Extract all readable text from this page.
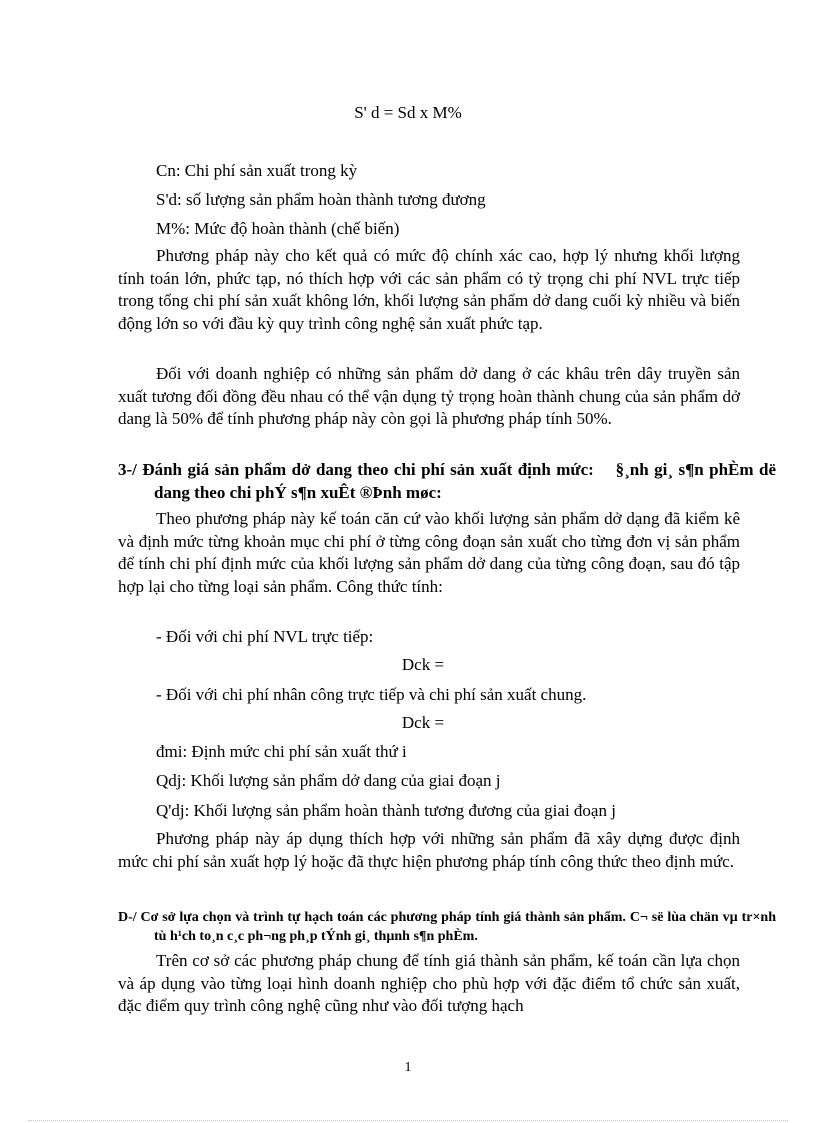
S' d = Sd x M%

Cn: Chi phí sản xuất trong kỳ

S'd: số lượng sản phẩm hoàn thành tương đương

M%: Mức độ hoàn thành (chế biến)

Phương pháp này cho kết quả có mức độ chính xác cao, hợp lý nhưng khối lượng tính toán lớn, phức tạp, nó thích hợp với các sản phẩm có tỷ trọng chi phí NVL trực tiếp trong tổng chi phí sản xuất không lớn, khối lượng sản phẩm dở dang cuối kỳ nhiều và biến động lớn so với đầu kỳ quy trình công nghệ sản xuất phức tạp.

Đối với doanh nghiệp có những sản phẩm dở dang ở các khâu trên dây truyền sản xuất tương đối đồng đều nhau có thể vận dụng tỷ trọng hoàn thành chung của sản phẩm dở dang là 50% để tính phương pháp này còn gọi là phương pháp tính 50%.

3-/ Đánh giá sản phẩm dở dang theo chi phí sản xuất định mức: §¸nh gi¸ s¶n phÈm dë dang theo chi phÝ s¶n xuÊt ®Þnh møc:

Theo phương pháp này kế toán căn cứ vào khối lượng sản phẩm dở dạng đã kiểm kê và định mức từng khoản mục chi phí ở từng công đoạn sản xuất cho từng đơn vị sản phẩm để tính chi phí định mức của khối lượng sản phẩm dở dang của từng công đoạn, sau đó tập hợp lại cho từng loại sản phẩm. Công thức tính:

- Đối với chi phí NVL trực tiếp:

Dck =

- Đối với chi phí nhân công trực tiếp và chi phí sản xuất chung.

Dck =

đmi: Định mức chi phí sản xuất thứ i

Qdj: Khối lượng sản phẩm dở dang của giai đoạn j

Q'dj: Khối lượng sản phẩm hoàn thành tương đương của giai đoạn j

Phương pháp này áp dụng thích hợp với những sản phẩm đã xây dựng được định mức chi phí sản xuất hợp lý hoặc đã thực hiện phương pháp tính công thức theo định mức.

D-/ Cơ sở lựa chọn và trình tự hạch toán các phương pháp tính giá thành sản phẩm. C¬ së lùa chän vµ tr×nh tù h¹ch to¸n c¸c ph¬ng ph¸p tÝnh gi¸ thµnh s¶n phÈm.

Trên cơ sở các phương pháp chung để tính giá thành sản phẩm, kế toán cần lựa chọn và áp dụng vào từng loại hình doanh nghiệp cho phù hợp với đặc điểm tổ chức sản xuất, đặc điểm quy trình công nghệ cũng như vào đối tượng hạch

1
